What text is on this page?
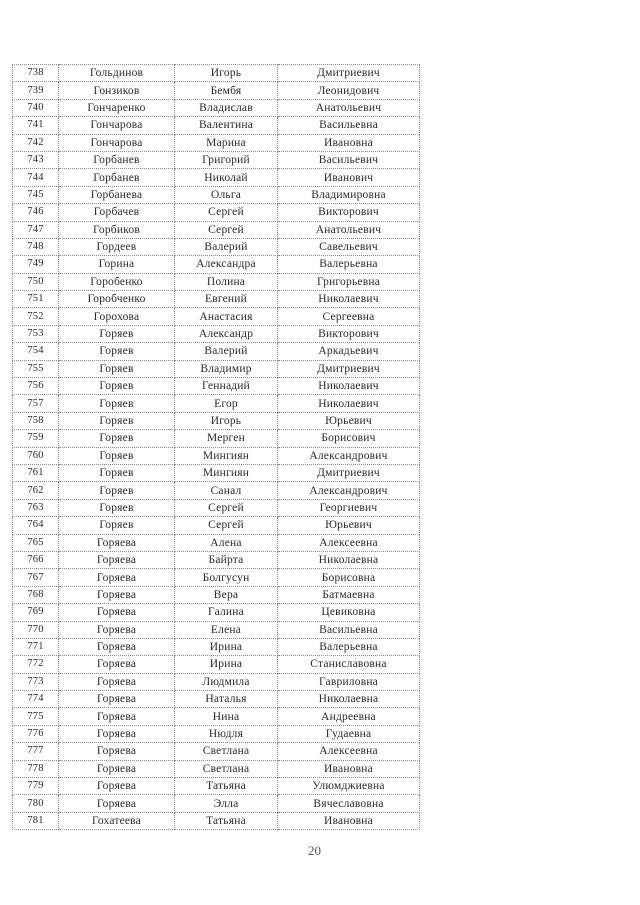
738	Гольдинов	Игорь	Дмитриевич
739	Гонзиков	Бембя	Леонидович
740	Гончаренко	Владислав	Анатольевич
741	Гончарова	Валентина	Васильевна
742	Гончарова	Марина	Ивановна
743	Горбанев	Григорий	Васильевич
744	Горбанев	Николай	Иванович
745	Горбанева	Ольга	Владимировна
746	Горбачев	Сергей	Викторович
747	Горбиков	Сергей	Анатольевич
748	Гордеев	Валерий	Савельевич
749	Горина	Александра	Валерьевна
750	Горобенко	Полина	Григорьевна
751	Горобченко	Евгений	Николаевич
752	Горохова	Анастасия	Сергеевна
753	Горяев	Александр	Викторович
754	Горяев	Валерий	Аркадьевич
755	Горяев	Владимир	Дмитриевич
756	Горяев	Геннадий	Николаевич
757	Горяев	Егор	Николаевич
758	Горяев	Игорь	Юрьевич
759	Горяев	Мерген	Борисович
760	Горяев	Мингиян	Александрович
761	Горяев	Мингиян	Дмитриевич
762	Горяев	Санал	Александрович
763	Горяев	Сергей	Георгиевич
764	Горяев	Сергей	Юрьевич
765	Горяева	Алена	Алексеевна
766	Горяева	Байрта	Николаевна
767	Горяева	Болгусун	Борисовна
768	Горяева	Вера	Батмаевна
769	Горяева	Галина	Цевиковна
770	Горяева	Елена	Васильевна
771	Горяева	Ирина	Валерьевна
772	Горяева	Ирина	Станиславовна
773	Горяева	Людмила	Гавриловна
774	Горяева	Наталья	Николаевна
775	Горяева	Нина	Андреевна
776	Горяева	Нюдля	Гудаевна
777	Горяева	Светлана	Алексеевна
778	Горяева	Светлана	Ивановна
779	Горяева	Татьяна	Улюмджиевна
780	Горяева	Элла	Вячеславовна
781	Гохатеева	Татьяна	Ивановна
20
